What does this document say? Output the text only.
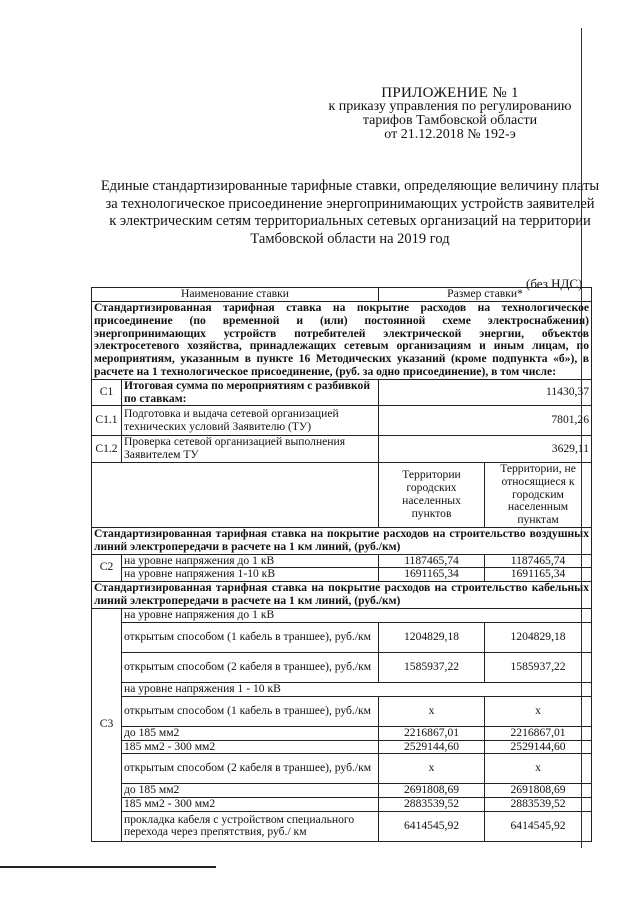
ПРИЛОЖЕНИЕ № 1
к приказу управления по регулированию
тарифов Тамбовской области
от 21.12.2018 № 192-э
Единые стандартизированные тарифные ставки, определяющие величину платы
за технологическое присоединение энергопринимающих устройств заявителей
к электрическим сетям территориальных сетевых организаций на территории
Тамбовской области на 2019 год
(без НДС)
Наименование ставки		Размер ставки*	
Стандартизированная тарифная ставка на покрытие расходов на технологическое присоединение (по временной и (или) постоянной схеме электроснабжения) энергопринимающих устройств потребителей электрической энергии, объектов электросетевого хозяйства, принадлежащих сетевым организациям и иным лицам, по мероприятиям, указанным в пункте 16 Методических указаний (кроме подпункта «б»), в расчете на 1 технологическое присоединение, (руб. за одно присоединение), в том числе:			
С1	Итоговая сумма по мероприятиям с разбивкой по ставкам:	11430,37	
С1.1	Подготовка и выдача сетевой организацией технических условий Заявителю (ТУ)	7801,26	
С1.2	Проверка сетевой организацией выполнения Заявителем ТУ	3629,11	
		Территории городских населенных пунктов	Территории, не относящиеся к городским населенным пунктам
Стандартизированная тарифная ставка на покрытие расходов на строительство воздушных линий электропередачи в расчете на 1 км линий, (руб./км)			
С2	на уровне напряжения до 1 кВ	1187465,74	1187465,74
	на уровне напряжения 1-10 кВ	1691165,34	1691165,34
Стандартизированная тарифная ставка на покрытие расходов на строительство кабельных линий электропередачи в расчете на 1 км линий, (руб./км)			
С3	на уровне напряжения до 1 кВ		
	открытым способом (1 кабель в траншее), руб./км	1204829,18	1204829,18
	открытым способом (2 кабеля в траншее), руб./км	1585937,22	1585937,22
	на уровне напряжения 1 - 10 кВ		
	открытым способом (1 кабель в траншее), руб./км	x	x
	до 185 мм2	2216867,01	2216867,01
	185 мм2 - 300 мм2	2529144,60	2529144,60
	открытым способом (2 кабеля в траншее), руб./км	x	x
	до 185 мм2	2691808,69	2691808,69
	185 мм2 - 300 мм2	2883539,52	2883539,52
	прокладка кабеля с устройством специального перехода через препятствия, руб./ км	6414545,92	6414545,92
